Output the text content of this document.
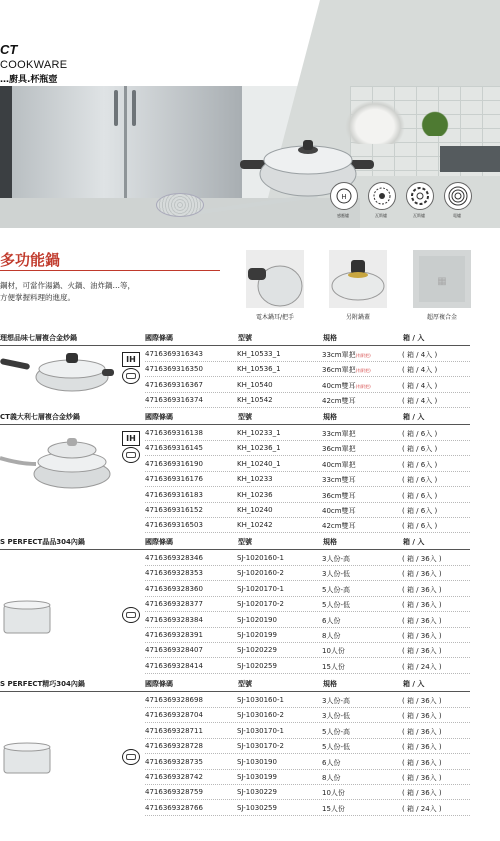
CT
COOKWARE
…廚具.杯瓶壺
H
感應爐	瓦斯爐	瓦斯爐	電爐
多功能鍋
鋼材，可當作湯鍋、火鍋、油炸鍋…等，
方便掌握料理的進度。
▦
電木鍋耳/把手	另附鍋蓋	超厚複合金
理想品味七層複合金炒鍋	國際條碼	型號	規格	箱 / 入
IH
4716369316343	KH_10533_1	33cm單把 (有附把)	( 箱 / 4入 )
4716369316350	KH_10536_1	36cm單把 (有附把)	( 箱 / 4入 )
4716369316367	KH_10540	40cm雙耳 (有附把)	( 箱 / 4入 )
4716369316374	KH_10542	42cm雙耳	( 箱 / 4入 )
CT義大利七層複合金炒鍋	國際條碼	型號	規格	箱 / 入
IH
4716369316138	KH_10233_1	33cm單把	( 箱 / 6入 )
4716369316145	KH_10236_1	36cm單把	( 箱 / 6入 )
4716369316190	KH_10240_1	40cm單把	( 箱 / 6入 )
4716369316176	KH_10233	33cm雙耳	( 箱 / 6入 )
4716369316183	KH_10236	36cm雙耳	( 箱 / 6入 )
4716369316152	KH_10240	40cm雙耳	( 箱 / 6入 )
4716369316503	KH_10242	42cm雙耳	( 箱 / 6入 )
S PERFECT晶品304內鍋	國際條碼	型號	規格	箱 / 入
4716369328346	SJ-1020160-1	3人份-高	( 箱 / 36入 )
4716369328353	SJ-1020160-2	3人份-低	( 箱 / 36入 )
4716369328360	SJ-1020170-1	5人份-高	( 箱 / 36入 )
4716369328377	SJ-1020170-2	5人份-低	( 箱 / 36入 )
4716369328384	SJ-1020190	6人份	( 箱 / 36入 )
4716369328391	SJ-1020199	8人份	( 箱 / 36入 )
4716369328407	SJ-1020229	10人份	( 箱 / 36入 )
4716369328414	SJ-1020259	15人份	( 箱 / 24入 )
S PERFECT精巧304內鍋	國際條碼	型號	規格	箱 / 入
4716369328698	SJ-1030160-1	3人份-高	( 箱 / 36入 )
4716369328704	SJ-1030160-2	3人份-低	( 箱 / 36入 )
4716369328711	SJ-1030170-1	5人份-高	( 箱 / 36入 )
4716369328728	SJ-1030170-2	5人份-低	( 箱 / 36入 )
4716369328735	SJ-1030190	6人份	( 箱 / 36入 )
4716369328742	SJ-1030199	8人份	( 箱 / 36入 )
4716369328759	SJ-1030229	10人份	( 箱 / 36入 )
4716369328766	SJ-1030259	15人份	( 箱 / 24入 )
